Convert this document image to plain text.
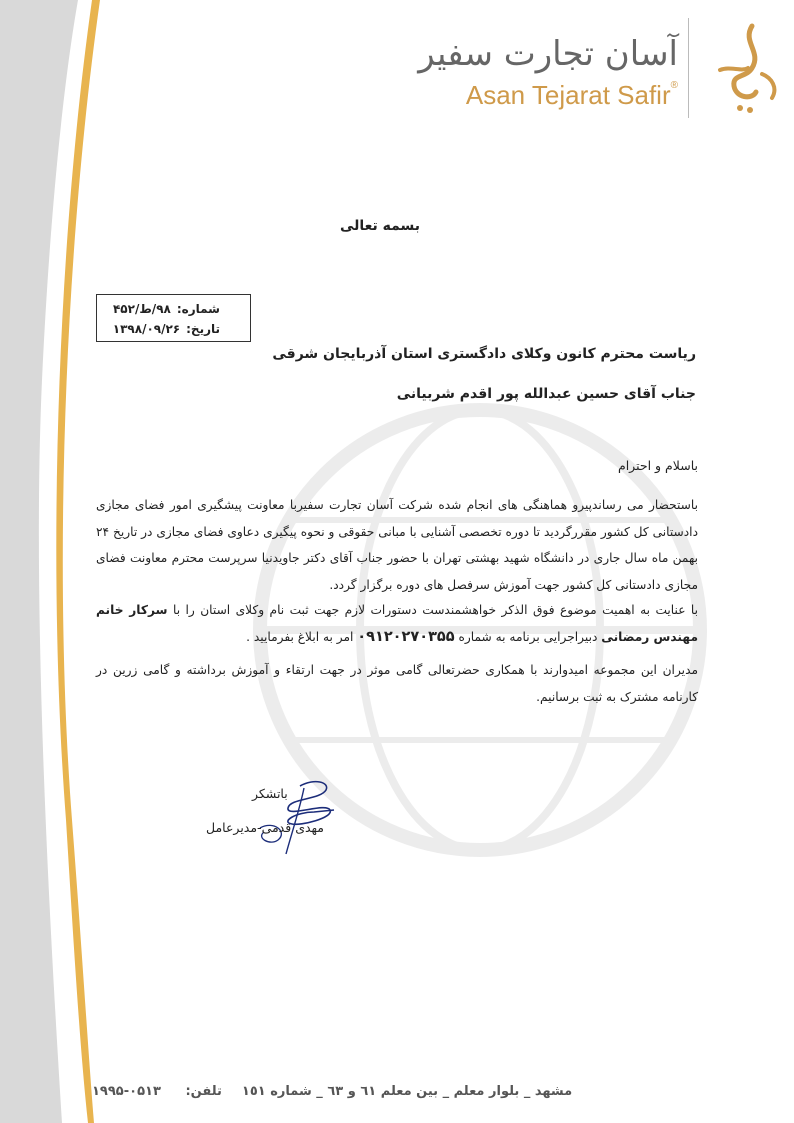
آسان تجارت سفیر
Asan Tejarat Safir®
بسمه تعالی
شماره:
۹۸/ط/۴۵۲
تاریخ:
۱۳۹۸/۰۹/۲۶
ریاست محترم کانون وکلای دادگستری استان آذربایجان شرقی
جناب آقای حسین عبدالله پور اقدم شربیانی
باسلام و احترام
باستحضار می رساندپیرو هماهنگی های انجام شده شرکت آسان تجارت سفیربا معاونت پیشگیری امور فضای مجازی دادستانی کل کشور مقررگردید تا دوره تخصصی آشنایی با مبانی حقوقی و نحوه پیگیری دعاوی فضای مجازی در تاریخ ۲۴ بهمن ماه سال جاری در دانشگاه شهید بهشتی تهران با حضور جناب آقای دکتر جاویدنیا سرپرست محترم معاونت فضای مجازی دادستانی کل کشور جهت آموزش سرفصل های دوره برگزار گردد.
با عنایت به اهمیت موضوع فوق الذکر خواهشمندست دستورات لازم جهت ثبت نام وکلای استان را با سرکار خانم مهندس رمضانی دبیراجرایی برنامه به شماره ۰۹۱۲۰۲۷۰۳۵۵ امر به ابلاغ بفرمایید .
مدیران این مجموعه امیدوارند با همکاری حضرتعالی گامی موثر در جهت ارتقاء و آموزش برداشته و گامی زرین در کارنامه مشترک به ثبت برسانیم.
باتشکر
مهدی قدمی-مدیرعامل
مشهد _ بلوار معلم _ بین معلم ٦١ و ٦٣ _ شماره ١٥١تلفن: ۰۵۱۳-۱۹۹۵
